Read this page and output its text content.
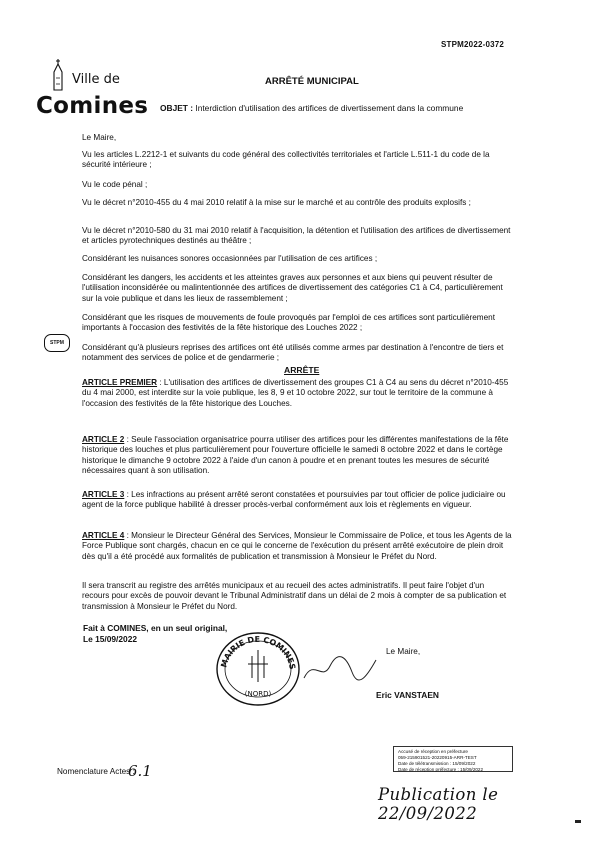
STPM2022-0372
Ville de
Comines
ARRÊTÉ MUNICIPAL
OBJET : Interdiction d'utilisation des artifices de divertissement dans la commune

Le Maire,

Vu les articles L.2212-1 et suivants du code général des collectivités territoriales et l'article L.511-1 du code de la sécurité intérieure ;

Vu le code pénal ;

Vu le décret n°2010-455 du 4 mai 2010 relatif à la mise sur le marché et au contrôle des produits explosifs ;

Vu le décret n°2010-580 du 31 mai 2010 relatif à l'acquisition, la détention et l'utilisation des artifices de divertissement et articles pyrotechniques destinés au théâtre ;

Considérant les nuisances sonores occasionnées par l'utilisation de ces artifices ;

Considérant les dangers, les accidents et les atteintes graves aux personnes et aux biens qui peuvent résulter de l'utilisation inconsidérée ou malintentionnée des artifices de divertissement des catégories C1 à C4, particulièrement sur la voie publique et dans les lieux de rassemblement ;

Considérant que les risques de mouvements de foule provoqués par l'emploi de ces artifices sont particulièrement importants à l'occasion des festivités de la fête historique des Louches 2022 ;

Considérant qu'à plusieurs reprises des artifices ont été utilisés comme armes par destination à l'encontre de tiers et notamment des services de police et de gendarmerie ;

STPM
ARRÊTE

ARTICLE PREMIER : L'utilisation des artifices de divertissement des groupes C1 à C4 au sens du décret n°2010-455 du 4 mai 2000, est interdite sur la voie publique, les 8, 9 et 10 octobre 2022, sur tout le territoire de la commune à l'occasion des festivités de la fête historique des Louches.

ARTICLE 2 : Seule l'association organisatrice pourra utiliser des artifices pour les différentes manifestations de la fête historique des louches et plus particulièrement pour l'ouverture officielle le samedi 8 octobre 2022 et dans le cortège historique le dimanche 9 octobre 2022 à l'aide d'un canon à poudre et en prenant toutes les mesures de sécurité nécessaires quant à son utilisation.

ARTICLE 3 : Les infractions au présent arrêté seront constatées et poursuivies par tout officier de police judiciaire ou agent de la force publique habilité à dresser procès-verbal conformément aux lois et règlements en vigueur.

ARTICLE 4 : Monsieur le Directeur Général des Services, Monsieur le Commissaire de Police, et tous les Agents de la Force Publique sont chargés, chacun en ce qui le concerne de l'exécution du présent arrêté exécutoire de plein droit dès qu'il a été procédé aux formalités de publication et transmission à Monsieur le Préfet du Nord.

Il sera transcrit au registre des arrêtés municipaux et au recueil des actes administratifs. Il peut faire l'objet d'un recours pour excès de pouvoir devant le Tribunal Administratif dans un délai de 2 mois à compter de sa publication et transmission à Monsieur le Préfet du Nord.

Fait à COMINES, en un seul original,
Le 15/09/2022
Le Maire,
MAIRIE DE COMINES
(NORD)	Eric VANSTAEN
Accusé de réception en préfecture
059-215901521-20220915-ARR-TEST
Date de télétransmission : 15/09/2022
Date de réception préfecture : 15/09/2022
Nomenclature Actes :
6.1
Publication le 22/09/2022
